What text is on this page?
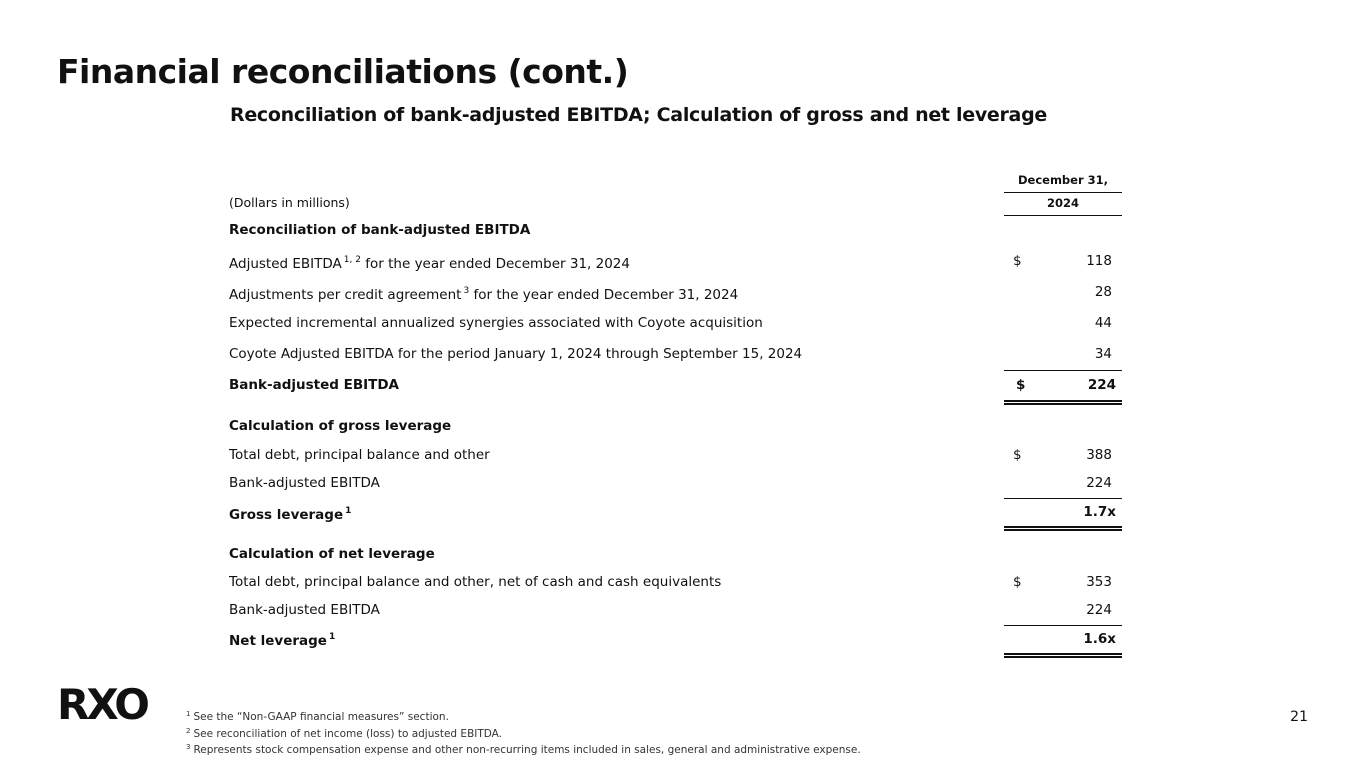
Financial reconciliations (cont.)
Reconciliation of bank-adjusted EBITDA; Calculation of gross and net leverage
December 31,
2024
(Dollars in millions)
Reconciliation of bank-adjusted EBITDA
Adjusted EBITDA $^{1, 2}$ for the year ended December 31, 2024	$	118
Adjustments per credit agreement $^3$ for the year ended December 31, 2024	28
Expected incremental annualized synergies associated with Coyote acquisition	44
Coyote Adjusted EBITDA for the period January 1, 2024 through September 15, 2024	34
Bank-adjusted EBITDA	$	224
Calculation of gross leverage
Total debt, principal balance and other	$	388
Bank-adjusted EBITDA	224
Gross leverage $^1$	1.7x
Calculation of net leverage
Total debt, principal balance and other, net of cash and cash equivalents	$	353
Bank-adjusted EBITDA	224
Net leverage $^1$	1.6x
RXO	$^1$ See the “Non-GAAP financial measures” section.
$^2$ See reconciliation of net income (loss) to adjusted EBITDA.
$^3$ Represents stock compensation expense and other non-recurring items included in sales, general and administrative expense.
21
